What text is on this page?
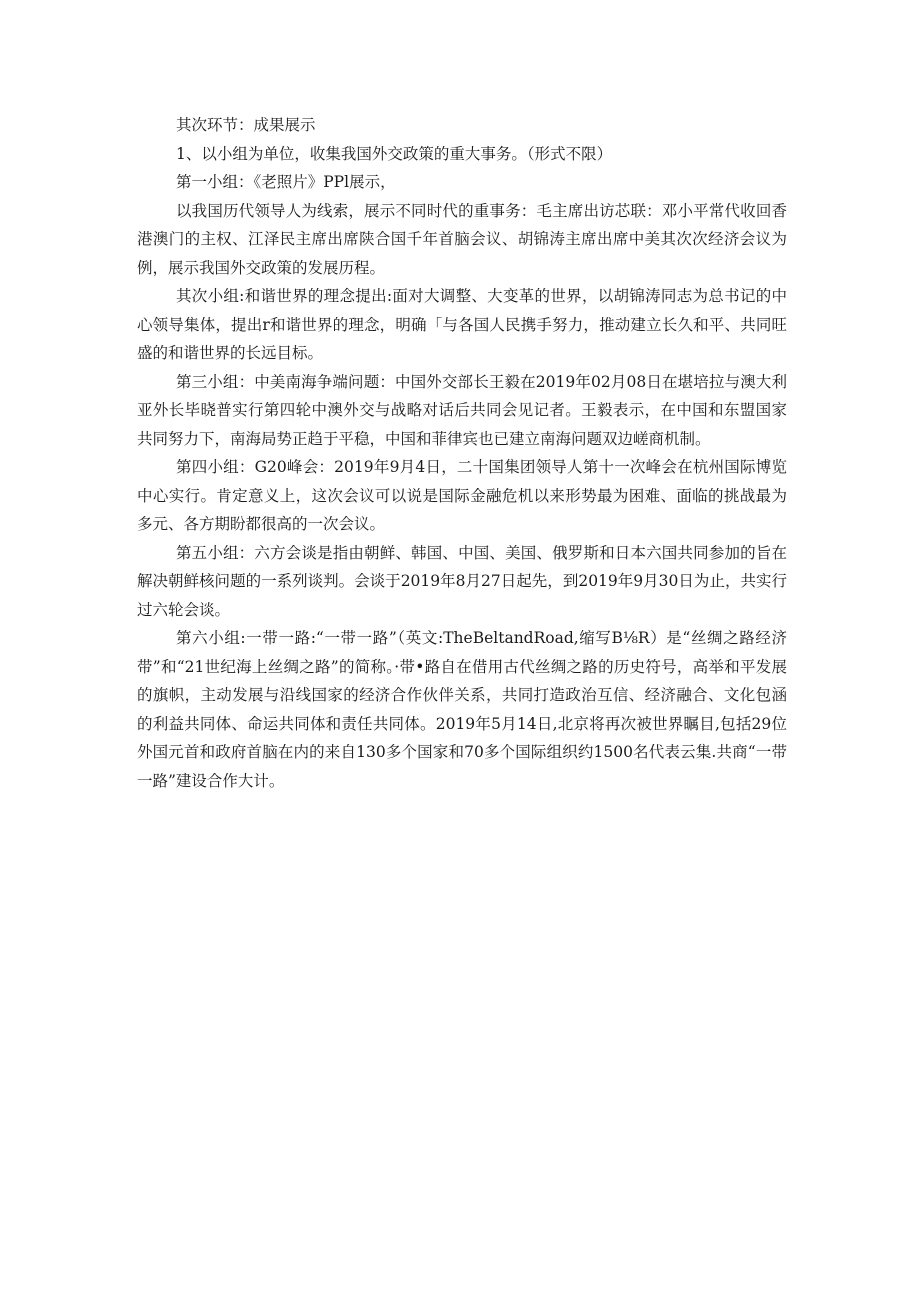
其次环节：成果展示

1、以小组为单位，收集我国外交政策的重大事务。（形式不限）

第一小组：《老照片》PPl展示，

以我国历代领导人为线索，展示不同时代的重事务：毛主席出访芯联：邓小平常代收回香港澳门的主权、江泽民主席出席陕合国千年首脑会议、胡锦涛主席出席中美其次次经济会议为例，展示我国外交政策的发展历程。

其次小组:和谐世界的理念提出:面对大调整、大变革的世界，以胡锦涛同志为总书记的中心领导集体，提出r和谐世界的理念，明确「与各国人民携手努力，推动建立长久和平、共同旺盛的和谐世界的长远目标。

第三小组：中美南海争端问题：中国外交部长王毅在2019年02月08日在堪培拉与澳大利亚外长毕晓普实行第四轮中澳外交与战略对话后共同会见记者。王毅表示，在中国和东盟国家共同努力下，南海局势正趋于平稳，中国和菲律宾也已建立南海问题双边嵯商机制。

第四小组：G20峰会：2019年9月4日，二十国集团领导人第十一次峰会在杭州国际博览中心实行。肯定意义上，这次会议可以说是国际金融危机以来形势最为困难、面临的挑战最为多元、各方期盼都很高的一次会议。

第五小组：六方会谈是指由朝鲜、韩国、中国、美国、俄罗斯和日本六国共同参加的旨在解决朝鲜核问题的一系列谈判。会谈于2019年8月27日起先，到2019年9月30日为止，共实行过六轮会谈。

第六小组:一带一路:“一带一路”（英文:TheBeltandRoad,缩写B⅛R）是“丝绸之路经济带”和“21世纪海上丝绸之路”的简称。·带•路自在借用古代丝绸之路的历史符号，高举和平发展的旗帜，主动发展与沿线国家的经济合作伙伴关系，共同打造政治互信、经济融合、文化包涵的利益共同体、命运共同体和责任共同体。2019年5月14日,北京将再次被世界瞩目,包括29位外国元首和政府首脑在内的来自130多个国家和70多个国际组织约1500名代表云集.共商“一带一路”建设合作大计。
